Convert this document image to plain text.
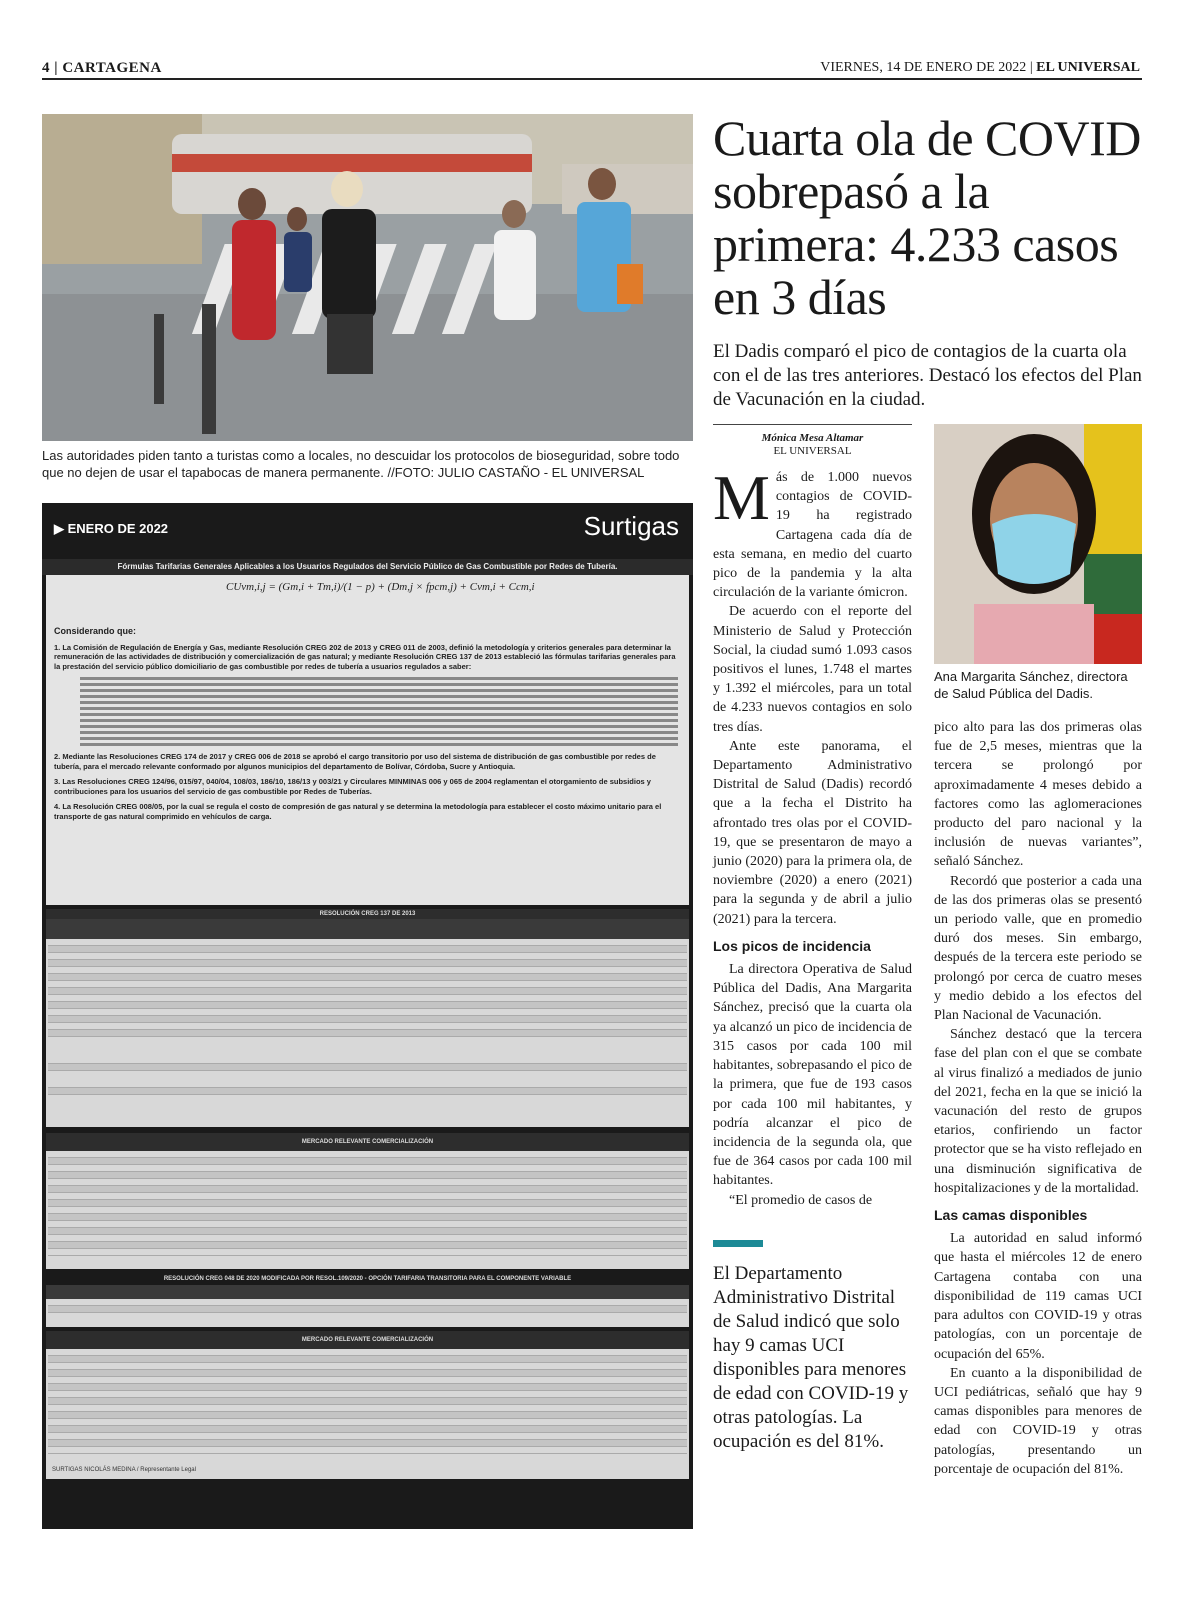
4 | CARTAGENA	VIERNES, 14 DE ENERO DE 2022 | EL UNIVERSAL
Las autoridades piden tanto a turistas como a locales, no descuidar los protocolos de bioseguridad, sobre todo que no dejen de usar el tapabocas de manera permanente. //FOTO: JULIO CASTAÑO - EL UNIVERSAL
Cuarta ola de COVID sobrepasó a la primera: 4.233 casos en 3 días
El Dadis comparó el pico de contagios de la cuarta ola con el de las tres anteriores. Destacó los efectos del Plan de Vacunación en la ciudad.
Mónica Mesa Altamar
EL UNIVERSAL
Ana Margarita Sánchez, directora de Salud Pública del Dadis.

Más de 1.000 nuevos contagios de COVID-19 ha registrado Cartagena cada día de esta semana, en medio del cuarto pico de la pandemia y la alta circulación de la variante ómicron.

De acuerdo con el reporte del Ministerio de Salud y Protección Social, la ciudad sumó 1.093 casos positivos el lunes, 1.748 el martes y 1.392 el miércoles, para un total de 4.233 nuevos contagios en solo tres días.

Ante este panorama, el Departamento Administrativo Distrital de Salud (Dadis) recordó que a la fecha el Distrito ha afrontado tres olas por el COVID-19, que se presentaron de mayo a junio (2020) para la primera ola, de noviembre (2020) a enero (2021) para la segunda y de abril a julio (2021) para la tercera.

Los picos de incidencia

La directora Operativa de Salud Pública del Dadis, Ana Margarita Sánchez, precisó que la cuarta ola ya alcanzó un pico de incidencia de 315 casos por cada 100 mil habitantes, sobrepasando el pico de la primera, que fue de 193 casos por cada 100 mil habitantes, y podría alcanzar el pico de incidencia de la segunda ola, que fue de 364 casos por cada 100 mil habitantes.

“El promedio de casos de

El Departamento Administrativo Distrital de Salud indicó que solo hay 9 camas UCI disponibles para menores de edad con COVID-19 y otras patologías. La ocupación es del 81%.

pico alto para las dos primeras olas fue de 2,5 meses, mientras que la tercera se prolongó por aproximadamente 4 meses debido a factores como las aglomeraciones producto del paro nacional y la inclusión de nuevas variantes”, señaló Sánchez.

Recordó que posterior a cada una de las dos primeras olas se presentó un periodo valle, que en promedio duró dos meses. Sin embargo, después de la tercera este periodo se prolongó por cerca de cuatro meses y medio debido a los efectos del Plan Nacional de Vacunación.

Sánchez destacó que la tercera fase del plan con el que se combate al virus finalizó a mediados de junio del 2021, fecha en la que se inició la vacunación del resto de grupos etarios, confiriendo un factor protector que se ha visto reflejado en una disminución significativa de hospitalizaciones y de la mortalidad.

Las camas disponibles

La autoridad en salud informó que hasta el miércoles 12 de enero Cartagena contaba con una disponibilidad de 119 camas UCI para adultos con COVID-19 y otras patologías, con un porcentaje de ocupación del 65%.

En cuanto a la disponibilidad de UCI pediátricas, señaló que hay 9 camas disponibles para menores de edad con COVID-19 y otras patologías, presentando un porcentaje de ocupación del 81%.

▶ ENERO DE 2022	Surtigas
Fórmulas Tarifarias Generales Aplicables a los Usuarios Regulados del Servicio Público de Gas Combustible por Redes de Tubería.
CUvm,i,j = (Gm,i + Tm,i)/(1 − p) + (Dm,j × fpcm,j) + Cvm,i + Ccm,i
Considerando que:
1. La Comisión de Regulación de Energía y Gas, mediante Resolución CREG 202 de 2013 y CREG 011 de 2003, definió la metodología y criterios generales para determinar la remuneración de las actividades de distribución y comercialización de gas natural; y mediante Resolución CREG 137 de 2013 estableció las fórmulas tarifarias generales para la prestación del servicio público domiciliario de gas combustible por redes de tubería a usuarios regulados a saber:
2. Mediante las Resoluciones CREG 174 de 2017 y CREG 006 de 2018 se aprobó el cargo transitorio por uso del sistema de distribución de gas combustible por redes de tubería, para el mercado relevante conformado por algunos municipios del departamento de Bolívar, Córdoba, Sucre y Antioquia.
3. Las Resoluciones CREG 124/96, 015/97, 040/04, 108/03, 186/10, 186/13 y 003/21 y Circulares MINMINAS 006 y 065 de 2004 reglamentan el otorgamiento de subsidios y contribuciones para los usuarios del servicio de gas combustible por Redes de Tuberías.
4. La Resolución CREG 008/05, por la cual se regula el costo de compresión de gas natural y se determina la metodología para establecer el costo máximo unitario para el transporte de gas natural comprimido en vehículos de carga.
RESOLUCIÓN CREG 137 DE 2013
MERCADO RELEVANTE COMERCIALIZACIÓN
RESOLUCIÓN CREG 048 DE 2020 MODIFICADA POR RESOL.109/2020 - OPCIÓN TARIFARIA TRANSITORIA PARA EL COMPONENTE VARIABLE
MERCADO RELEVANTE COMERCIALIZACIÓN
SURTIGAS NICOLÁS MEDINA / Representante Legal
